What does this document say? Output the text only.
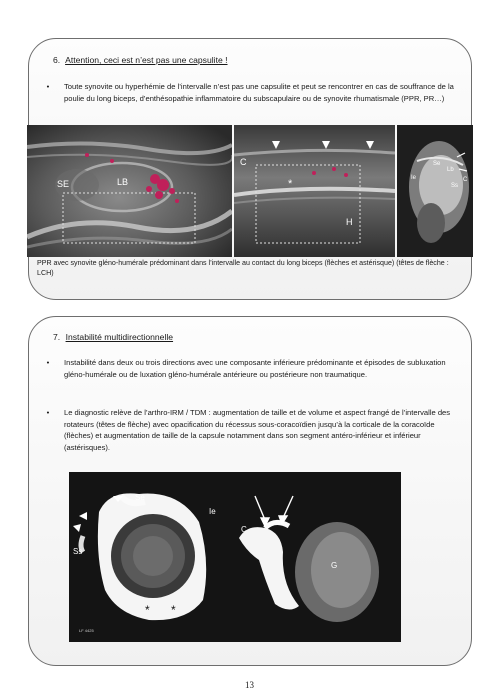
6. Attention, ceci est n’est pas une capsulite !
•	Toute synovite ou hyperhémie de l’intervalle n’est pas une capsulite et peut se rencontrer en cas de souffrance de la poulie du long biceps, d’enthésopathie inflammatoire du subscapulaire ou de synovite rhumatismale (PPR, PR…)
SE	LB
C
*
H
Se
Lb
C
Ie
Ss
PPR avec synovite gléno-humérale prédominant dans l’intervalle au contact du long biceps (flèches et astérisque) (têtes de flèche : LCH)
7. Instabilité multidirectionnelle
•	Instabilité dans deux ou trois directions avec une composante inférieure prédominante et épisodes de subluxation gléno-humérale ou de luxation gléno-humérale antérieure ou postérieure non traumatique.
•	Le diagnostic relève de l’arthro-IRM / TDM : augmentation de taille et de volume et aspect frangé de l’intervalle des rotateurs (têtes de flèche) avec opacification du récessus sous-coracoïdien jusqu’à la corticale de la coracoïde (flèches) et augmentation de taille de la capsule notamment dans son segment antéro-inférieur et inférieur (astérisques).
Se
Ie
Ss
* *
LF 4425
C
G
13
